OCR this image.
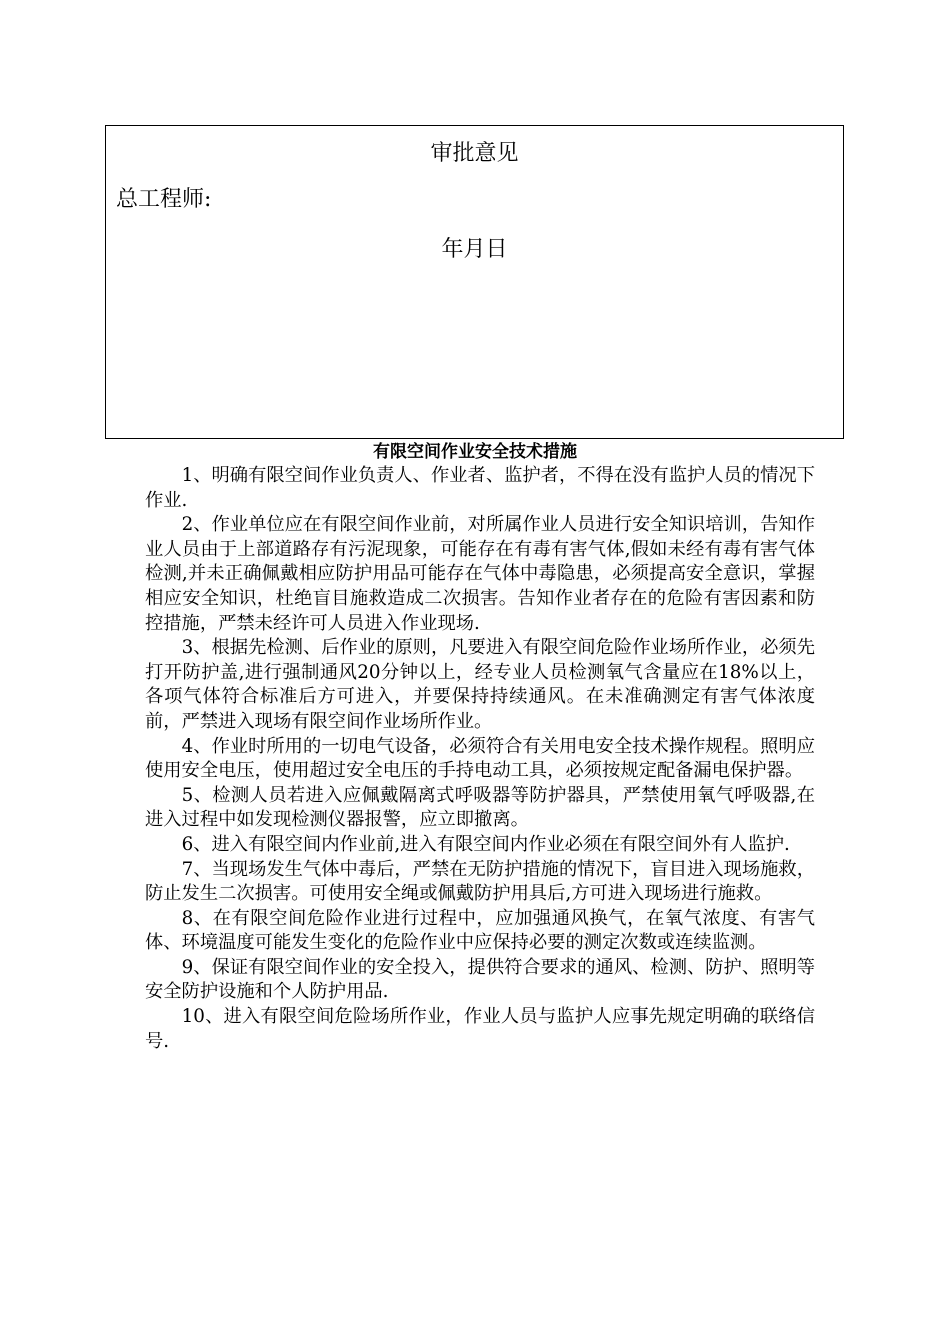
审批意见
总工程师:
年月日
有限空间作业安全技术措施

1、明确有限空间作业负责人、作业者、监护者，不得在没有监护人员的情况下作业.

2、作业单位应在有限空间作业前，对所属作业人员进行安全知识培训，告知作业人员由于上部道路存有污泥现象，可能存在有毒有害气体,假如未经有毒有害气体检测,并未正确佩戴相应防护用品可能存在气体中毒隐患，必须提高安全意识，掌握相应安全知识，杜绝盲目施救造成二次损害。告知作业者存在的危险有害因素和防控措施，严禁未经许可人员进入作业现场.

3、根据先检测、后作业的原则，凡要进入有限空间危险作业场所作业，必须先打开防护盖,进行强制通风20分钟以上，经专业人员检测氧气含量应在18%以上，各项气体符合标准后方可进入，并要保持持续通风。在未准确测定有害气体浓度前，严禁进入现场有限空间作业场所作业。

4、作业时所用的一切电气设备，必须符合有关用电安全技术操作规程。照明应使用安全电压，使用超过安全电压的手持电动工具，必须按规定配备漏电保护器。

5、检测人员若进入应佩戴隔离式呼吸器等防护器具，严禁使用氧气呼吸器,在进入过程中如发现检测仪器报警，应立即撤离。

6、进入有限空间内作业前,进入有限空间内作业必须在有限空间外有人监护.

7、当现场发生气体中毒后，严禁在无防护措施的情况下，盲目进入现场施救，防止发生二次损害。可使用安全绳或佩戴防护用具后,方可进入现场进行施救。

8、在有限空间危险作业进行过程中，应加强通风换气，在氧气浓度、有害气体、环境温度可能发生变化的危险作业中应保持必要的测定次数或连续监测。

9、保证有限空间作业的安全投入，提供符合要求的通风、检测、防护、照明等安全防护设施和个人防护用品.

10、进入有限空间危险场所作业，作业人员与监护人应事先规定明确的联络信号.
